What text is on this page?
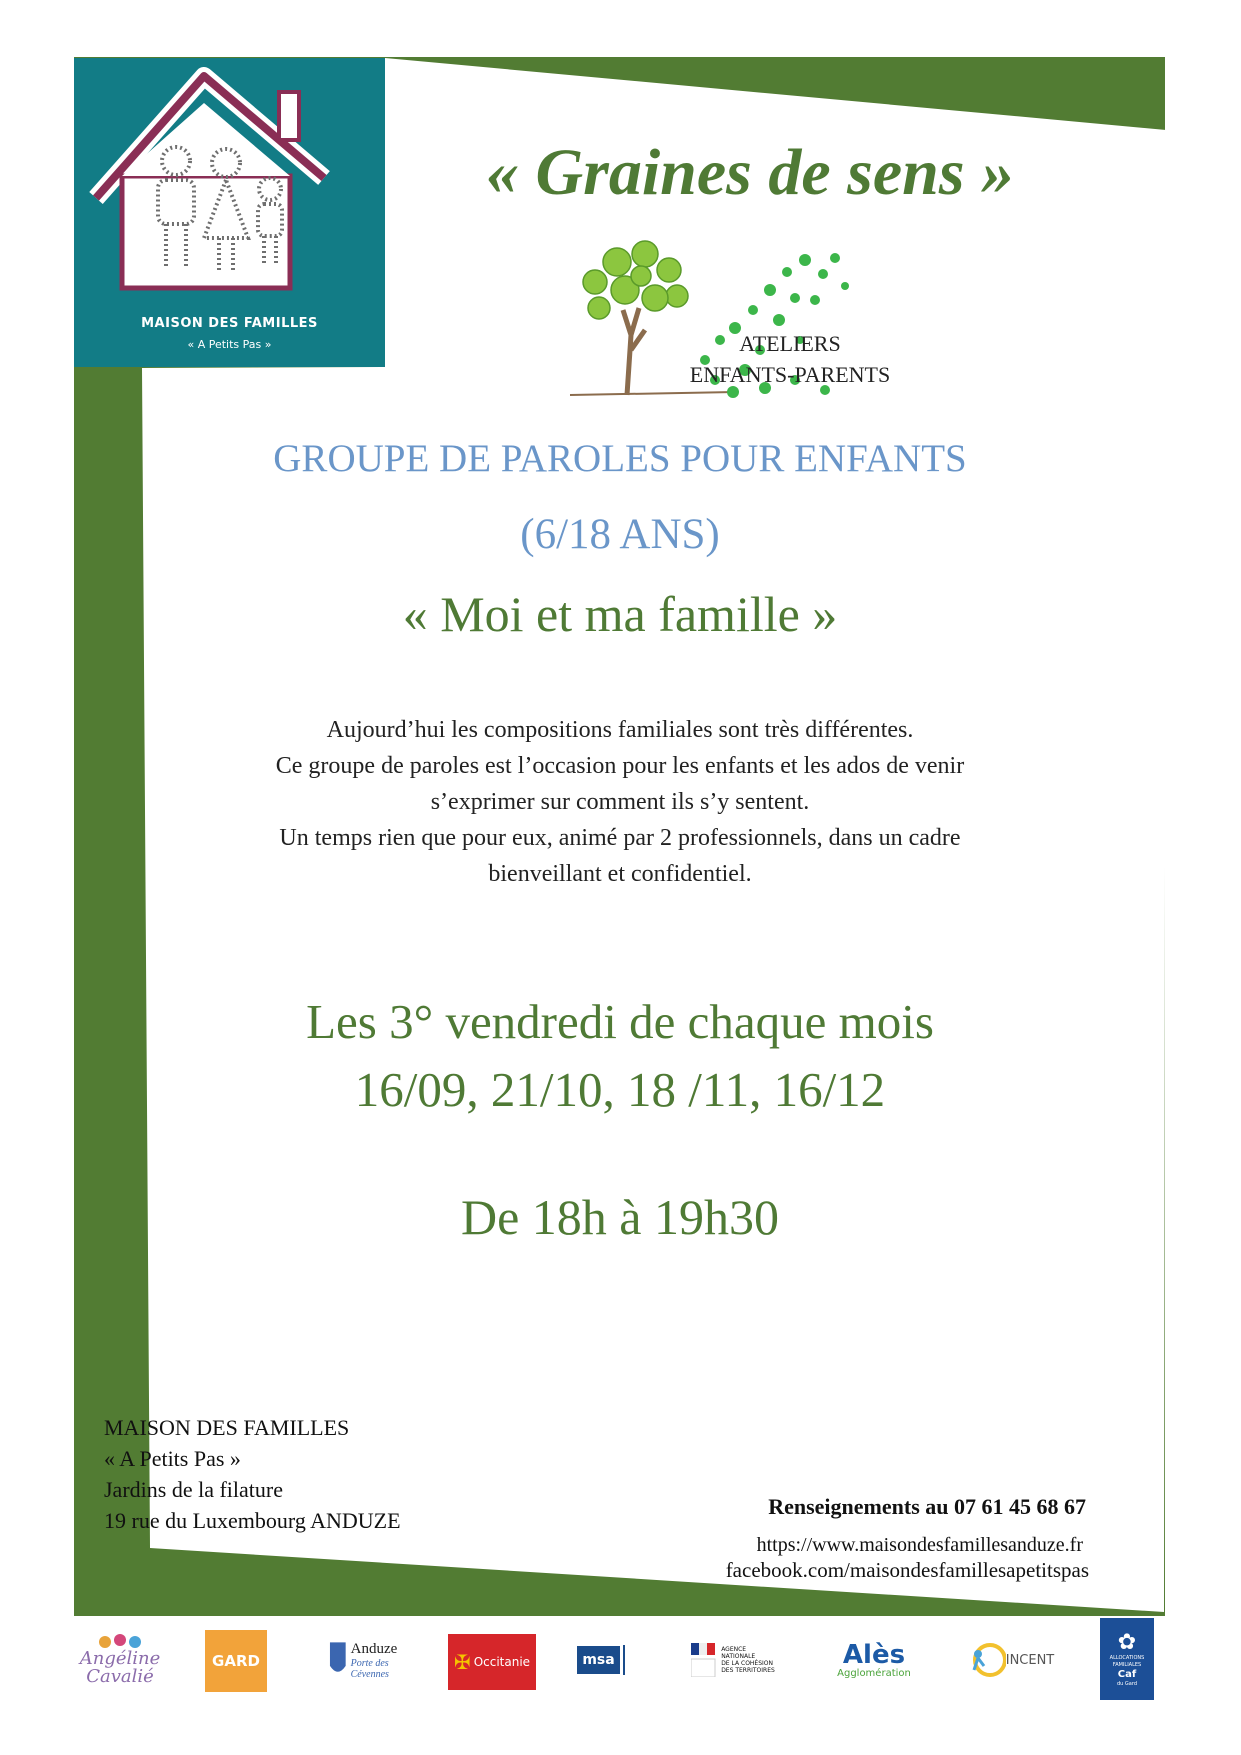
MAISON DES FAMILLES
« A Petits Pas »
« Graines de sens »
ATELIERS
ENFANTS-PARENTS
GROUPE DE PAROLES POUR ENFANTS
(6/18 ANS)
« Moi et ma famille »
Aujourd’hui les compositions familiales sont très différentes.
Ce groupe de paroles est l’occasion pour les enfants et les ados de venir
s’exprimer sur comment ils s’y sentent.
Un temps rien que pour eux, animé par 2 professionnels, dans un cadre
bienveillant et confidentiel.
Les 3° vendredi de chaque mois
16/09, 21/10, 18 /11, 16/12
De 18h à 19h30
MAISON DES FAMILLES
« A Petits Pas »
Jardins de la filature
19 rue du Luxembourg ANDUZE
Renseignements au 07 61 45 68 67
https://www.maisondesfamillesanduze.fr
facebook.com/maisondesfamillesapetitspas
Angéline
Cavalié
GARD
Anduze
Porte des Cévennes	✠ Occitanie	msa
AGENCE
NATIONALE
DE LA COHÉSION
DES TERRITOIRES
Alès
Agglomération
INCENT
✿
ALLOCATIONS
FAMILIALES
Caf
du Gard
